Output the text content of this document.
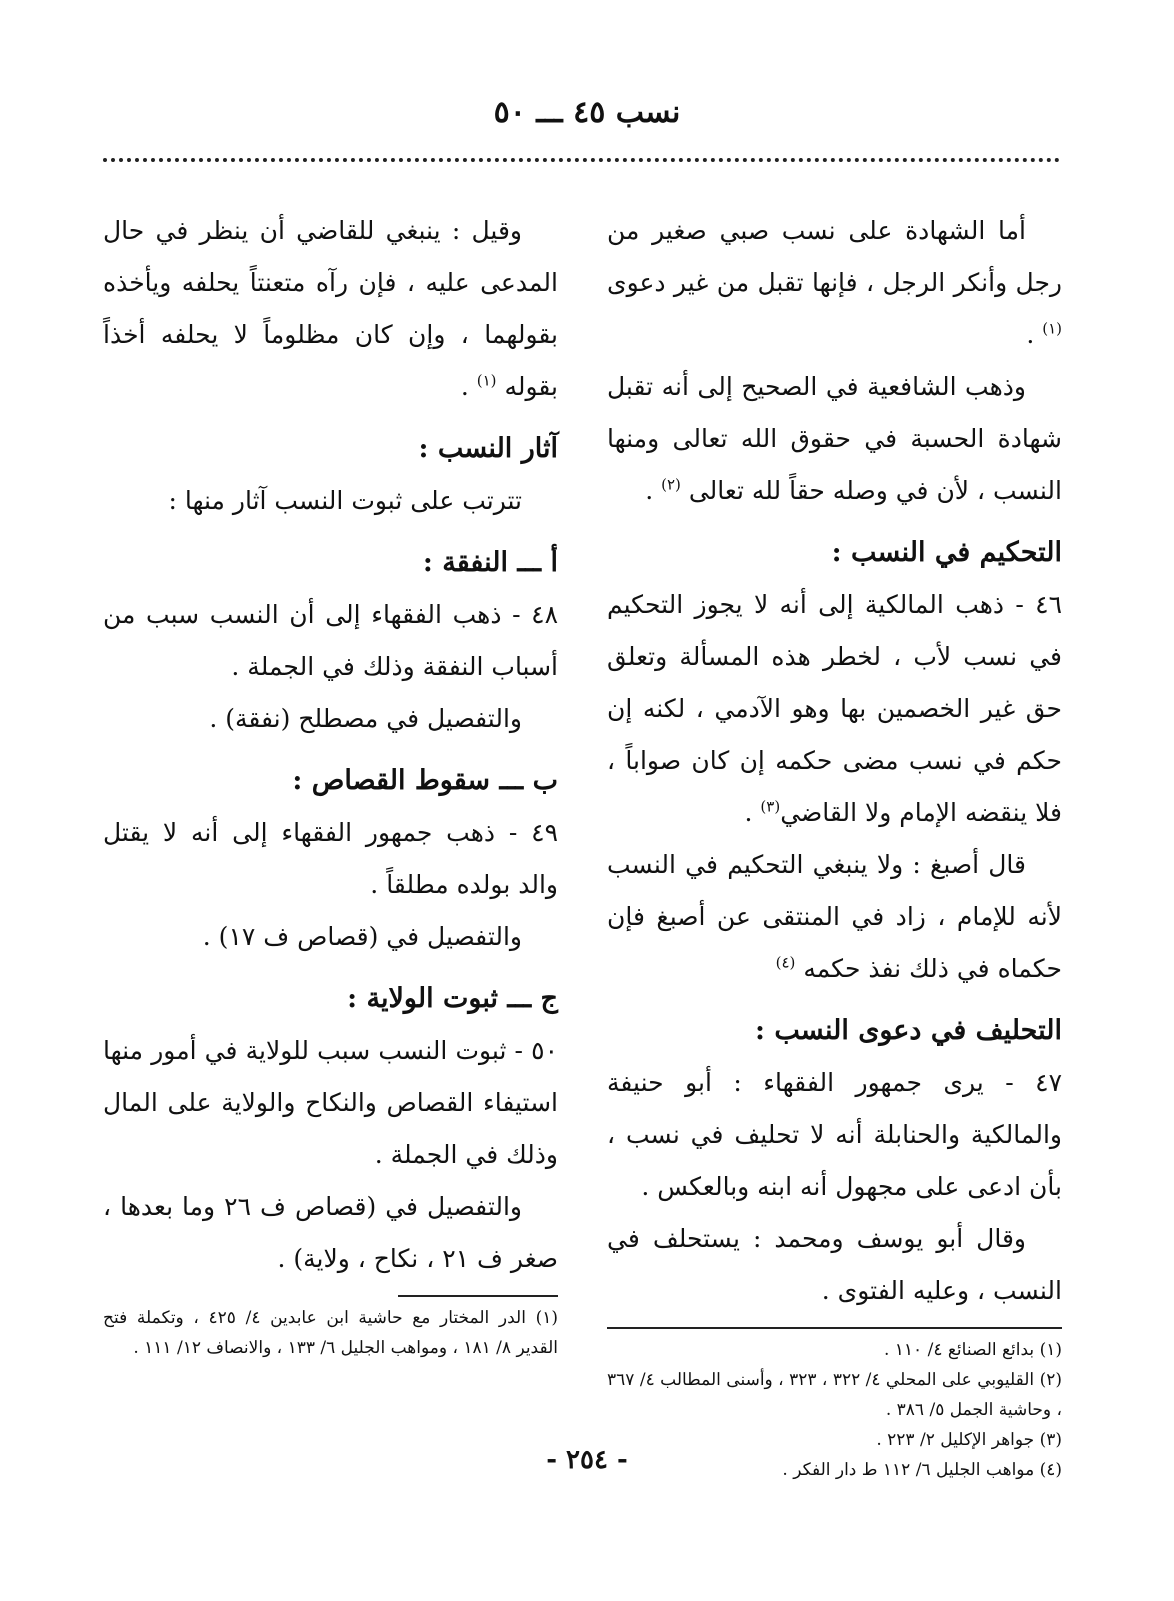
نسب ٤٥ ـــ ٥٠

أما الشهادة على نسب صبي صغير من رجل وأنكر الرجل ، فإنها تقبل من غير دعوى $^{(١)}$ .

وذهب الشافعية في الصحيح إلى أنه تقبل شهادة الحسبة في حقوق الله تعالى ومنها النسب ، لأن في وصله حقاً لله تعالى $^{(٢)}$ .

التحكيم في النسب :

٤٦ - ذهب المالكية إلى أنه لا يجوز التحكيم في نسب لأب ، لخطر هذه المسألة وتعلق حق غير الخصمين بها وهو الآدمي ، لكنه إن حكم في نسب مضى حكمه إن كان صواباً ، فلا ينقضه الإمام ولا القاضي$^{(٣)}$ .

قال أصبغ : ولا ينبغي التحكيم في النسب لأنه للإمام ، زاد في المنتقى عن أصبغ فإن حكماه في ذلك نفذ حكمه $^{(٤)}$

التحليف في دعوى النسب :

٤٧ - يرى جمهور الفقهاء : أبو حنيفة والمالكية والحنابلة أنه لا تحليف في نسب ، بأن ادعى على مجهول أنه ابنه وبالعكس .

وقال أبو يوسف ومحمد : يستحلف في النسب ، وعليه الفتوى .

(١) بدائع الصنائع ٤/ ١١٠ .

(٢) القليوبي على المحلي ٤/ ٣٢٢ ، ٣٢٣ ، وأسنى المطالب ٤/ ٣٦٧ ، وحاشية الجمل ٥/ ٣٨٦ .

(٣) جواهر الإكليل ٢/ ٢٢٣ .

(٤) مواهب الجليل ٦/ ١١٢ ط دار الفكر .

وقيل : ينبغي للقاضي أن ينظر في حال المدعى عليه ، فإن رآه متعنتاً يحلفه ويأخذه بقولهما ، وإن كان مظلوماً لا يحلفه أخذاً بقوله $^{(١)}$ .

آثار النسب :

تترتب على ثبوت النسب آثار منها :

أ ـــ النفقة :

٤٨ - ذهب الفقهاء إلى أن النسب سبب من أسباب النفقة وذلك في الجملة .

والتفصيل في مصطلح (نفقة) .

ب ـــ سقوط القصاص :

٤٩ - ذهب جمهور الفقهاء إلى أنه لا يقتل والد بولده مطلقاً .

والتفصيل في (قصاص ف ١٧) .

ج ـــ ثبوت الولاية :

٥٠ - ثبوت النسب سبب للولاية في أمور منها استيفاء القصاص والنكاح والولاية على المال وذلك في الجملة .

والتفصيل في (قصاص ف ٢٦ وما بعدها ، صغر ف ٢١ ، نكاح ، ولاية) .

(١) الدر المختار مع حاشية ابن عابدين ٤/ ٤٢٥ ، وتكملة فتح القدير ٨/ ١٨١ ، ومواهب الجليل ٦/ ١٣٣ ، والانصاف ١٢/ ١١١ .

- ٢٥٤ -
